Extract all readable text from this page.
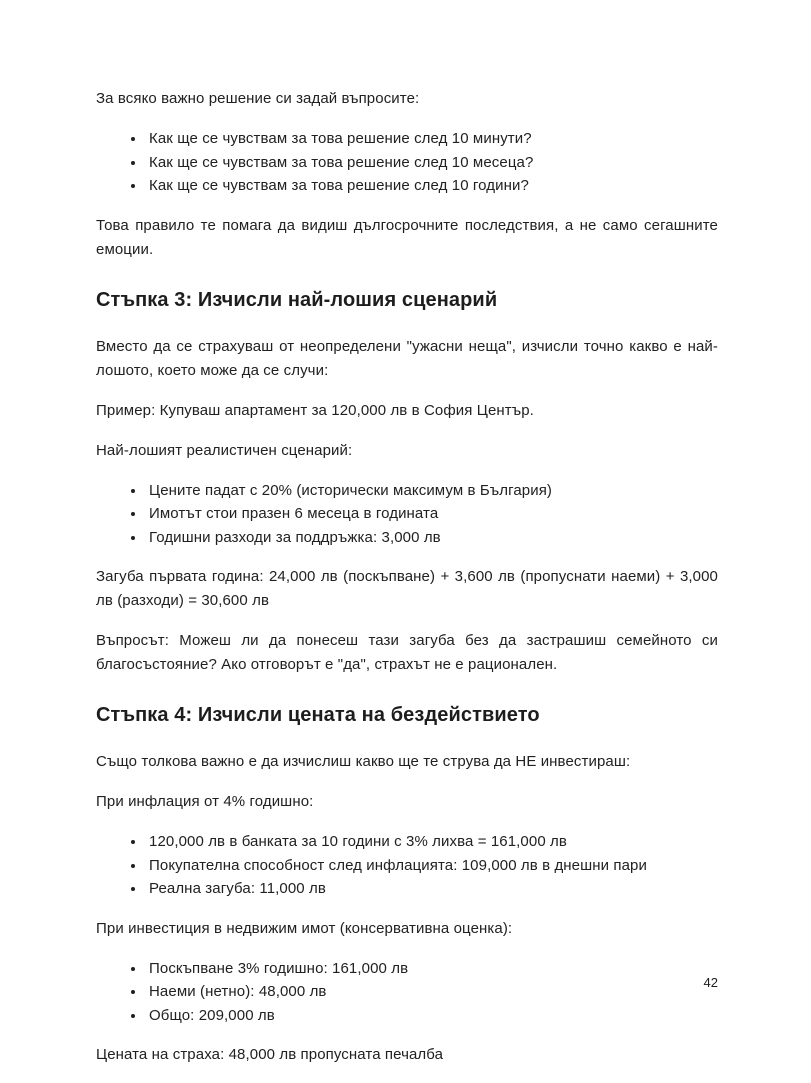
За всяко важно решение си задай въпросите:

• Как ще се чувствам за това решение след 10 минути?
• Как ще се чувствам за това решение след 10 месеца?
• Как ще се чувствам за това решение след 10 години?

Това правило те помага да видиш дългосрочните последствия, а не само сегашните емоции.

Стъпка 3: Изчисли най-лошия сценарий

Вместо да се страхуваш от неопределени "ужасни неща", изчисли точно какво е най-лошото, което може да се случи:

Пример: Купуваш апартамент за 120,000 лв в София Център.

Най-лошият реалистичен сценарий:

• Цените падат с 20% (исторически максимум в България)
• Имотът стои празен 6 месеца в годината
• Годишни разходи за поддръжка: 3,000 лв

Загуба първата година: 24,000 лв (поскъпване) + 3,600 лв (пропуснати наеми) + 3,000 лв (разходи) = 30,600 лв

Въпросът: Можеш ли да понесеш тази загуба без да застрашиш семейното си благосъстояние? Ако отговорът е "да", страхът не е рационален.

Стъпка 4: Изчисли цената на бездействието

Също толкова важно е да изчислиш какво ще те струва да НЕ инвестираш:

При инфлация от 4% годишно:

• 120,000 лв в банката за 10 години с 3% лихва = 161,000 лв
• Покупателна способност след инфлацията: 109,000 лв в днешни пари
• Реална загуба: 11,000 лв

При инвестиция в недвижим имот (консервативна оценка):

• Поскъпване 3% годишно: 161,000 лв
• Наеми (нетно): 48,000 лв
• Общо: 209,000 лв

Цената на страха: 48,000 лв пропусната печалба

42
